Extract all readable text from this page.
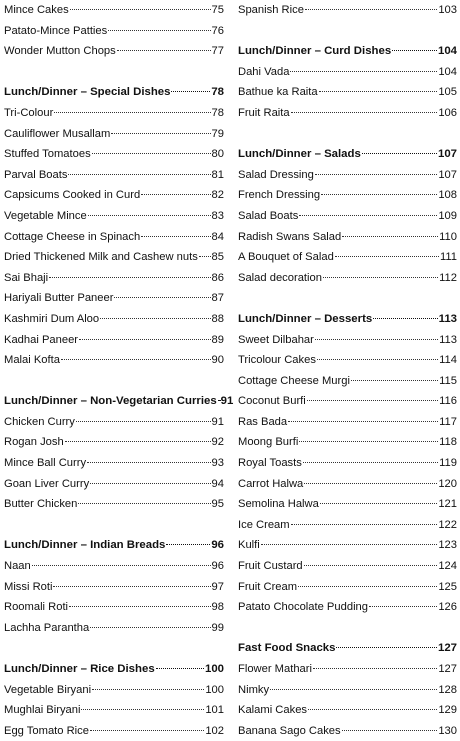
Mince Cakes	75
Patato-Mince Patties	76
Wonder Mutton Chops	77
Lunch/Dinner – Special Dishes	78
Tri-Colour	78
Cauliflower Musallam	79
Stuffed Tomatoes	80
Parval Boats	81
Capsicums Cooked in Curd	82
Vegetable Mince	83
Cottage Cheese in Spinach	84
Dried Thickened Milk and Cashew nuts 85
Sai Bhaji	86
Hariyali Butter Paneer	87
Kashmiri Dum Aloo	88
Kadhai Paneer	89
Malai Kofta	90
Lunch/Dinner – Non-Vegetarian Curries 91
Chicken Curry	91
Rogan Josh	92
Mince Ball Curry	93
Goan Liver Curry	94
Butter Chicken	95
Lunch/Dinner – Indian Breads	96
Naan	96
Missi Roti	97
Roomali Roti	98
Lachha Parantha	99
Lunch/Dinner – Rice Dishes	100
Vegetable Biryani	100
Mughlai Biryani	101
Egg Tomato Rice	102
Spanish Rice	103
Lunch/Dinner – Curd Dishes	104
Dahi Vada	104
Bathue ka Raita	105
Fruit Raita	106
Lunch/Dinner – Salads	107
Salad Dressing	107
French Dressing	108
Salad Boats	109
Radish Swans Salad	110
A Bouquet of Salad	111
Salad decoration	112
Lunch/Dinner – Desserts	113
Sweet Dilbahar	113
Tricolour Cakes	114
Cottage Cheese Murgi	115
Coconut Burfi	116
Ras Bada	117
Moong Burfi	118
Royal Toasts	119
Carrot Halwa	120
Semolina Halwa	121
Ice Cream	122
Kulfi	123
Fruit Custard	124
Fruit Cream	125
Patato Chocolate Pudding	126
Fast Food Snacks	127
Flower Mathari	127
Nimky	128
Kalami Cakes	129
Banana Sago Cakes	130
